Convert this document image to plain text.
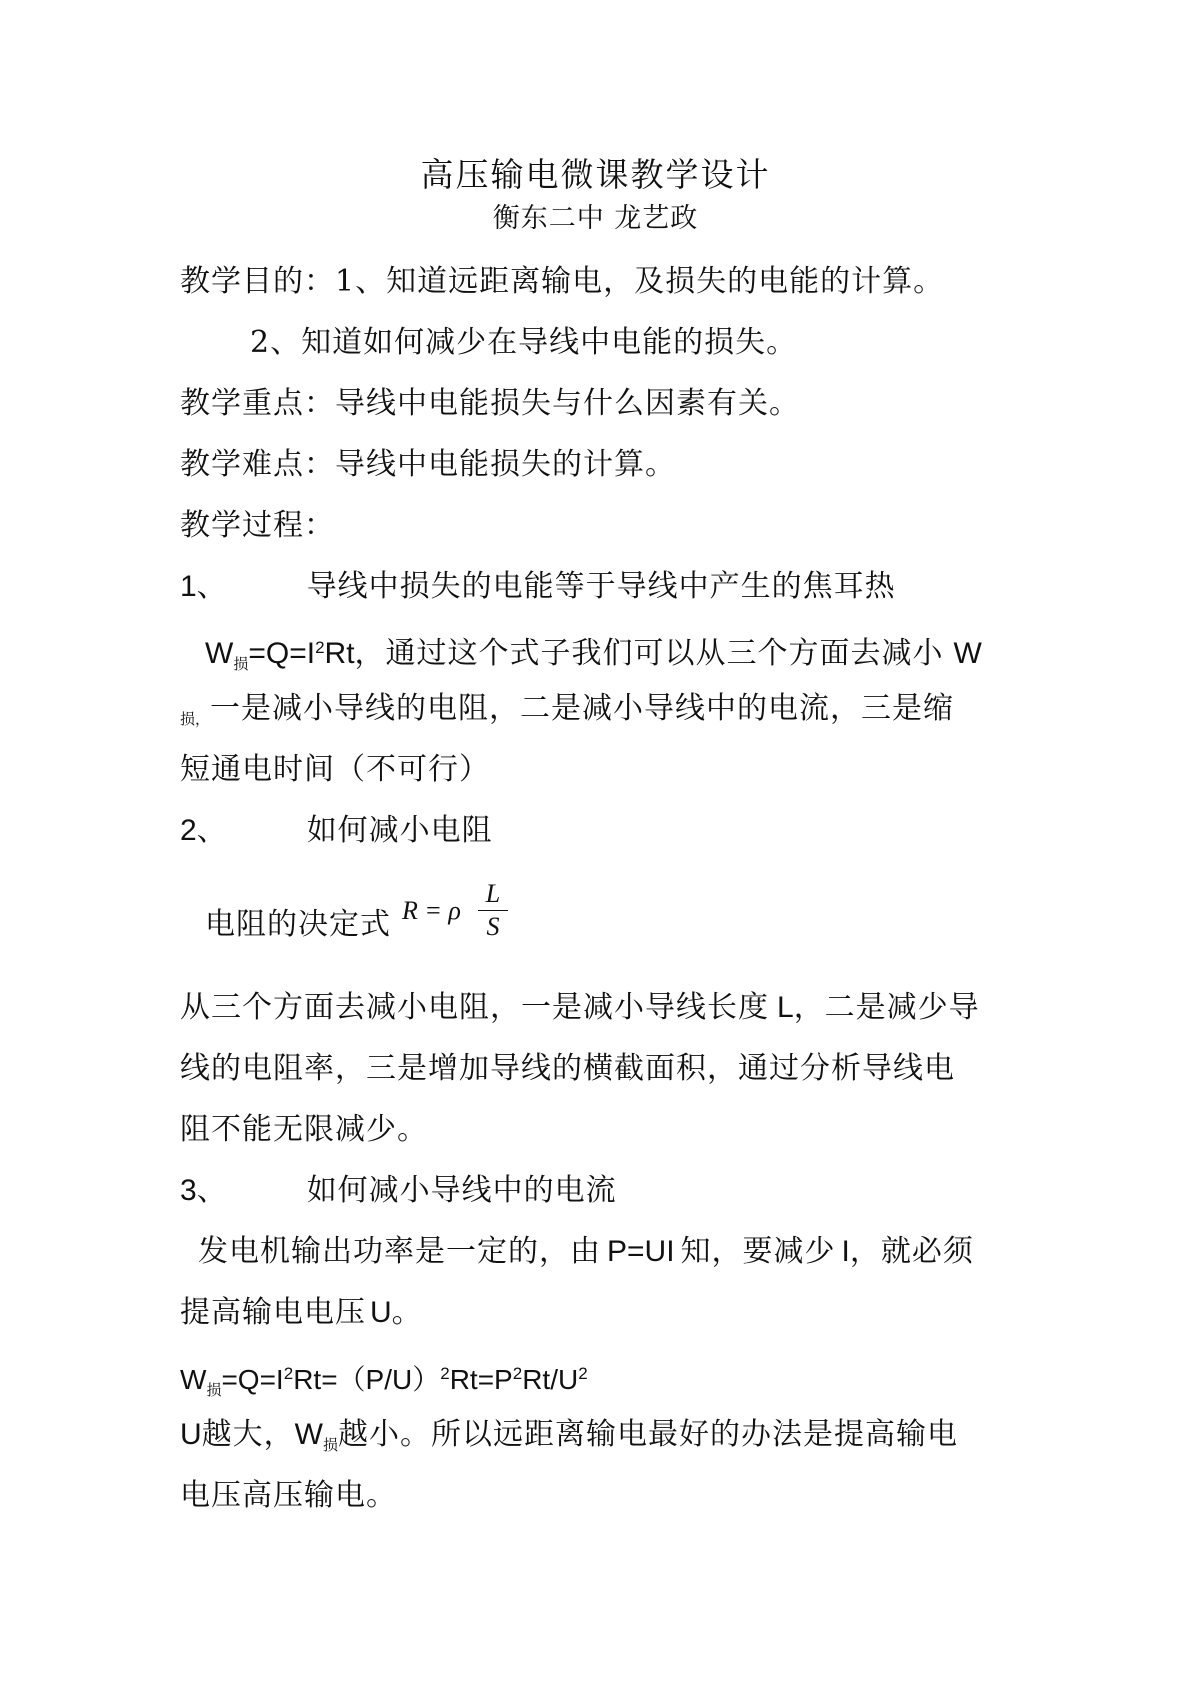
高压输电微课教学设计
衡东二中 龙艺政
教学目的：1、知道远距离输电，及损失的电能的计算。
2、知道如何减少在导线中电能的损失。
教学重点：导线中电能损失与什么因素有关。
教学难点：导线中电能损失的计算。
教学过程：
1、	导线中损失的电能等于导线中产生的焦耳热
$W_损=Q=I^2Rt$，通过这个式子我们可以从三个方面去减小 W
$_{损,}$一是减小导线的电阻，二是减小导线中的电流，三是缩
短通电时间（不可行）
2、	如何减小电阻
电阻的决定式 R = ρ
L
S
从三个方面去减小电阻，一是减小导线长度 L，二是减少导
线的电阻率，三是增加导线的横截面积，通过分析导线电
阻不能无限减少。
3、	如何减小导线中的电流
发电机输出功率是一定的，由 P=UI 知，要减少 I，就必须
提高输电电压 U。
$W_损=Q=I^2Rt=(P/U)^2Rt=P^2Rt/U^2$
U越大，$W_损$越小。所以远距离输电最好的办法是提高输电
电压高压输电。
